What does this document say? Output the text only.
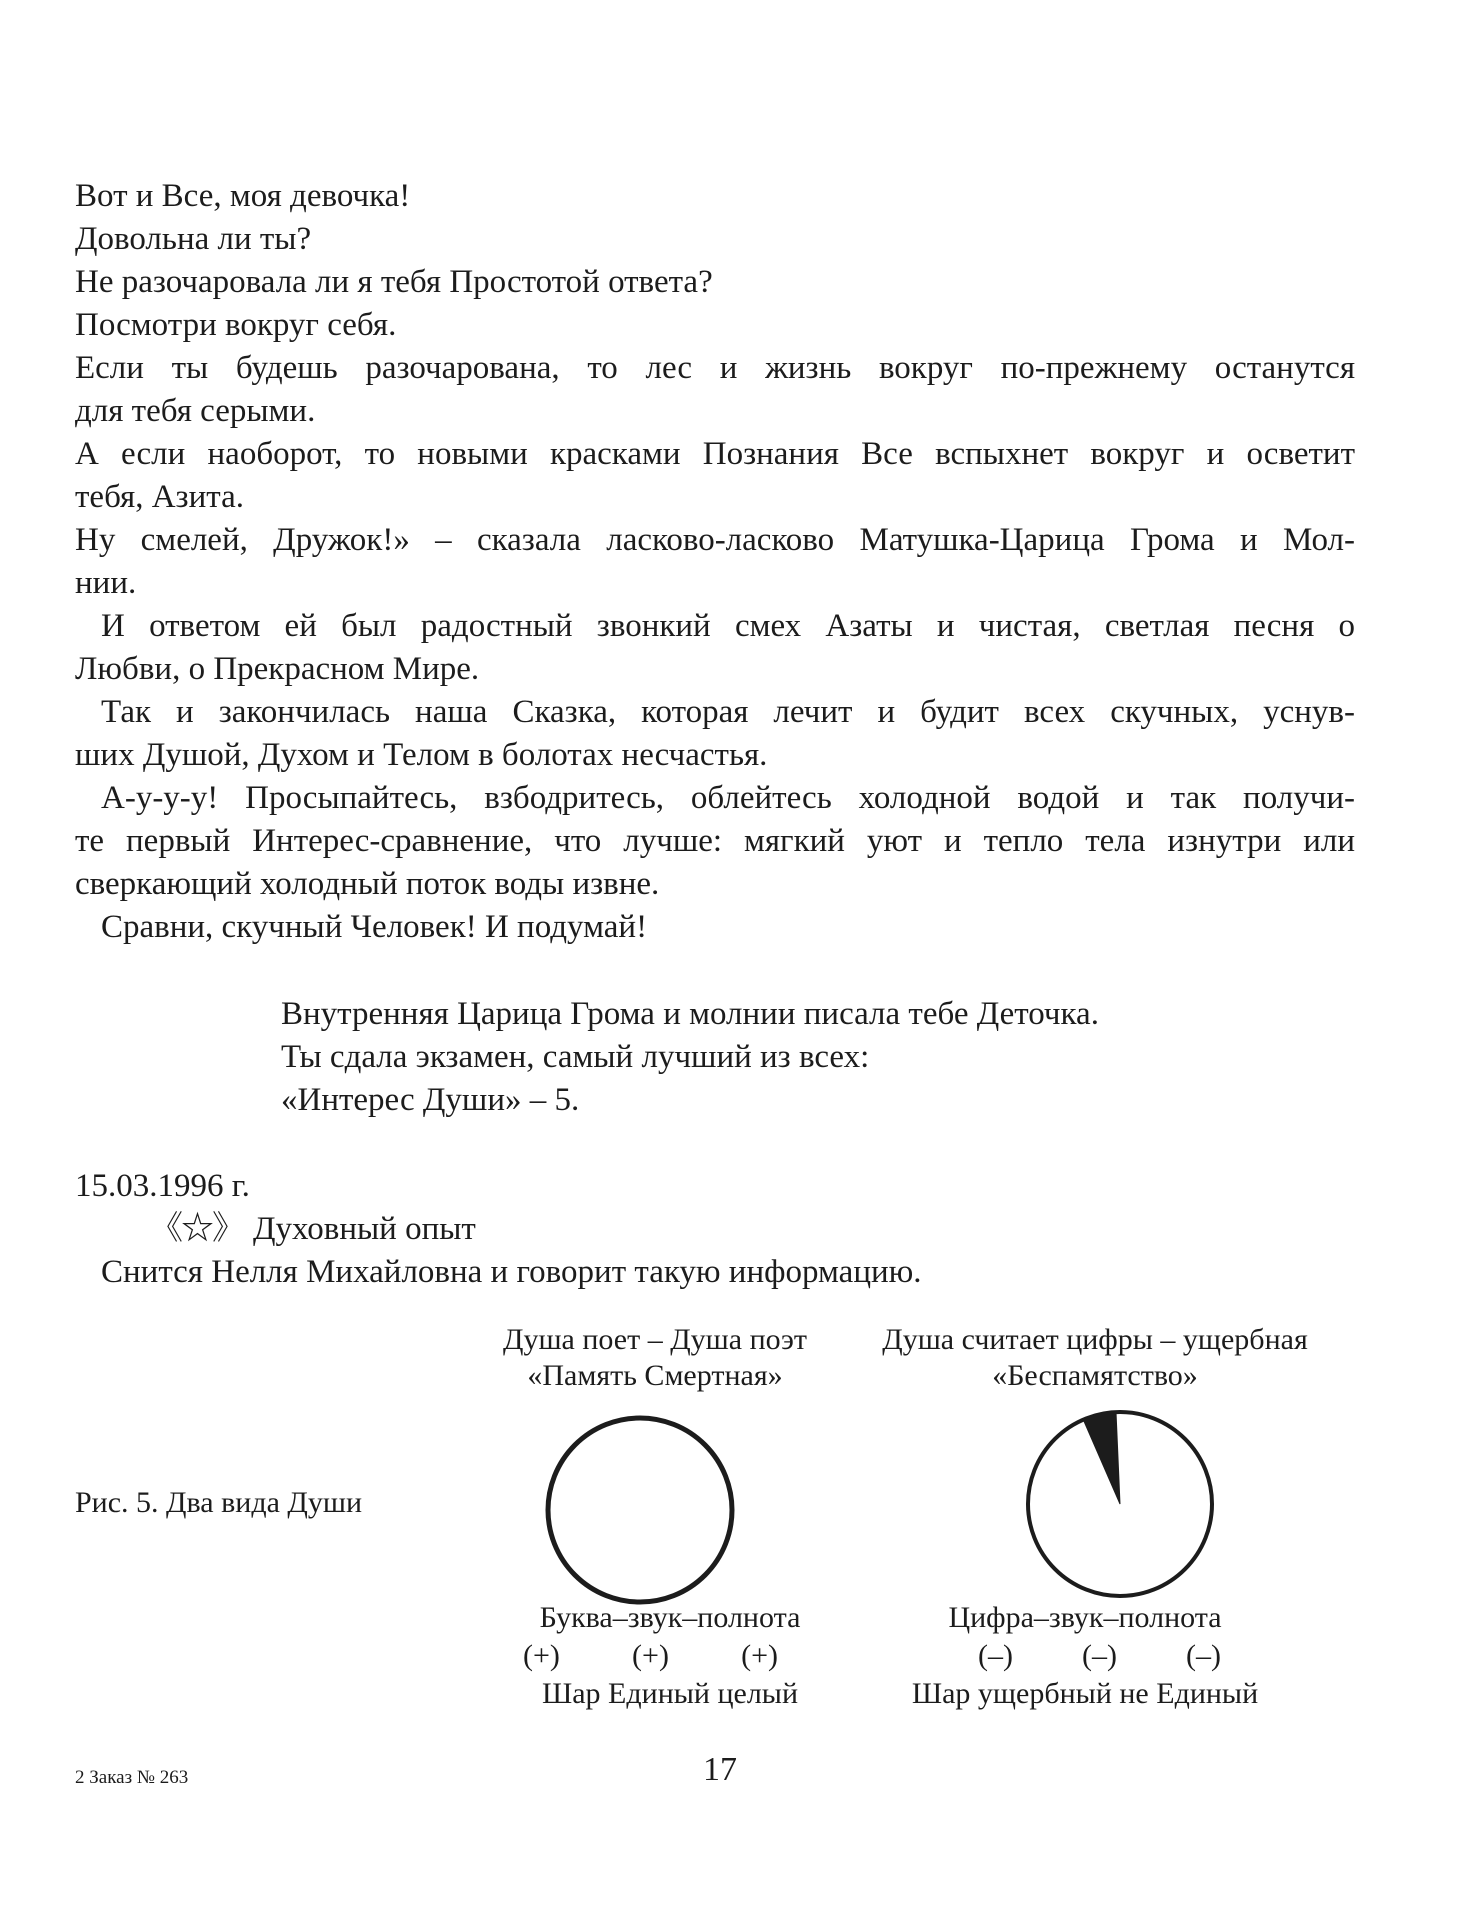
Вот и Все, моя девочка!
Довольна ли ты?
Не разочаровала ли я тебя Простотой ответа?
Посмотри вокруг себя.
Если ты будешь разочарована, то лес и жизнь вокруг по-прежнему останутся
для тебя серыми.
А если наоборот, то новыми красками Познания Все вспыхнет вокруг и осветит
тебя, Азита.
Ну смелей, Дружок!» – сказала ласково-ласково Матушка-Царица Грома и Мол-
нии.
И ответом ей был радостный звонкий смех Азаты и чистая, светлая песня о
Любви, о Прекрасном Мире.
Так и закончилась наша Сказка, которая лечит и будит всех скучных, уснув-
ших Душой, Духом и Телом в болотах несчастья.
А-у-у-у! Просыпайтесь, взбодритесь, облейтесь холодной водой и так получи-
те первый Интерес-сравнение, что лучше: мягкий уют и тепло тела изнутри или
сверкающий холодный поток воды извне.
Сравни, скучный Человек! И подумай!
Внутренняя Царица Грома и молнии писала тебе Деточка.
Ты сдала экзамен, самый лучший из всех:
«Интерес Души» – 5.
15.03.1996 г.
《☆》 Духовный опыт
Снится Нелля Михайловна и говорит такую информацию.
Душа поет – Душа поэт
«Память Смертная»
Душа считает цифры – ущербная
«Беспамятство»
Рис. 5. Два вида Души
Буква–звук–полнота
(+) (+) (+)
Шар Единый целый
Цифра–звук–полнота
(–) (–) (–)
Шар ущербный не Единый
2 Заказ № 263	17
